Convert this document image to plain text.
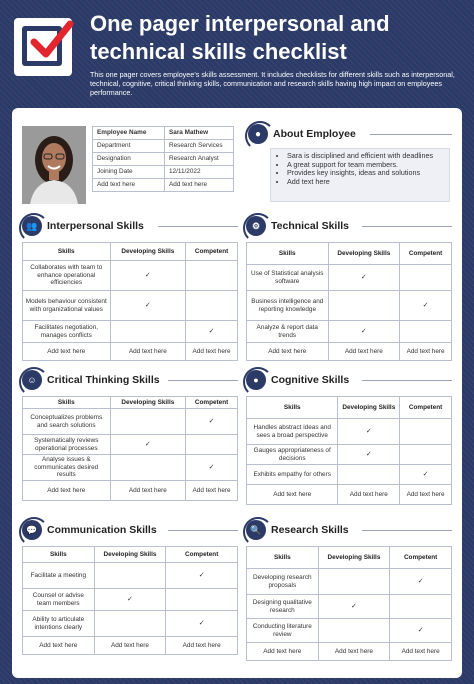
One pager interpersonal and technical skills checklist
This one pager covers employee’s skills assessment. It includes checklists for different skills such as interpersonal, technical, cognitive, critical thinking skills, communication and research skills having high impact on employees performance.
Employee Name	Sara Mathew
Department	Research Services
Designation	Research Analyst
Joining Date	12/11/2022
Add text here	Add text here
●	About Employee
• Sara is disciplined and efficient with deadlines
• A great support for team members.
• Provides key insights, ideas and solutions
• Add text here
👥 Interpersonal Skills
Skills	Developing Skills	Competent
Collaborates with team to enhance operational efficiencies	✓	
Models behaviour consistent with organizational values	✓	
Facilitates negotiation, manages conflicts		✓
Add text here	Add text here	Add text here
⚙	Technical Skills
Skills	Developing Skills	Competent
Use of Statistical analysis software	✓	
Business intelligence and reporting knowledge		✓
Analyze & report data trends	✓	
Add text here	Add text here	Add text here
☺ Critical Thinking Skills
Skills	Developing Skills	Competent
Conceptualizes problems and search solutions		✓
Systematically reviews operational processes	✓	
Analyse issues & communicates desired results		✓
Add text here	Add text here	Add text here
●	Cognitive Skills
Skills	Developing Skills	Competent
Handles abstract ideas and sees a broad perspective	✓	
Gauges appropriateness of decisions	✓	
Exhibits empathy for others		✓
Add text here	Add text here	Add text here
💬 Communication Skills
Skills	Developing Skills	Competent
Facilitate a meeting		✓
Counsel or advise team members	✓	
Ability to articulate intentions clearly		✓
Add text here	Add text here	Add text here
🔍 Research Skills
Skills	Developing Skills	Competent
Developing research proposals		✓
Designing qualitative research	✓	
Conducting literature review		✓
Add text here	Add text here	Add text here
